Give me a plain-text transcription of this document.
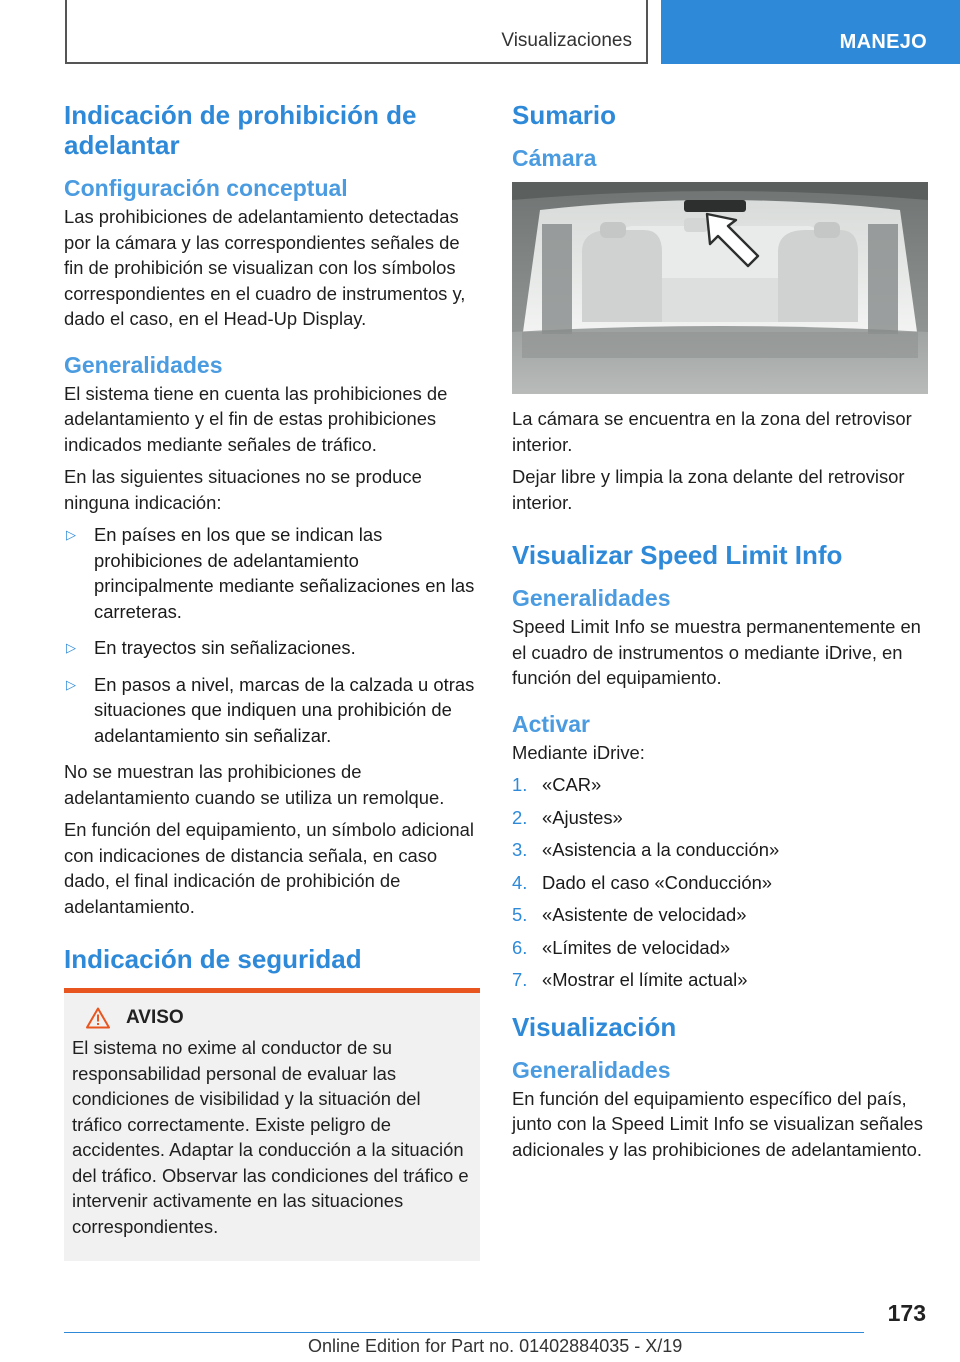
Visualizaciones	MANEJO
Indicación de prohibición de adelantar
Configuración conceptual
Las prohibiciones de adelantamiento detectadas por la cámara y las correspondientes señales de fin de prohibición se visualizan con los símbolos correspondientes en el cuadro de instrumentos y, dado el caso, en el Head-Up Display.
Generalidades
El sistema tiene en cuenta las prohibiciones de adelantamiento y el fin de estas prohibiciones indicados mediante señales de tráfico.
En las siguientes situaciones no se produce ninguna indicación:
▷ En países en los que se indican las prohibiciones de adelantamiento principalmente mediante señalizaciones en las carreteras.
▷ En trayectos sin señalizaciones.
▷ En pasos a nivel, marcas de la calzada u otras situaciones que indiquen una prohibición de adelantamiento sin señalizar.
No se muestran las prohibiciones de adelantamiento cuando se utiliza un remolque.
En función del equipamiento, un símbolo adicional con indicaciones de distancia señala, en caso dado, el final indicación de prohibición de adelantamiento.
Indicación de seguridad
AVISO
El sistema no exime al conductor de su responsabilidad personal de evaluar las condiciones de visibilidad y la situación del tráfico correctamente. Existe peligro de accidentes. Adaptar la conducción a la situación del tráfico. Observar las condiciones del tráfico e intervenir activamente en las situaciones correspondientes.
Sumario
Cámara
La cámara se encuentra en la zona del retrovisor interior.
Dejar libre y limpia la zona delante del retrovisor interior.
Visualizar Speed Limit Info
Generalidades
Speed Limit Info se muestra permanentemente en el cuadro de instrumentos o mediante iDrive, en función del equipamiento.
Activar
Mediante iDrive:
1. «CAR»
2. «Ajustes»
3. «Asistencia a la conducción»
4. Dado el caso «Conducción»
5. «Asistente de velocidad»
6. «Límites de velocidad»
7. «Mostrar el límite actual»
Visualización
Generalidades
En función del equipamiento específico del país, junto con la Speed Limit Info se visualizan señales adicionales y las prohibiciones de adelantamiento.
173
Online Edition for Part no. 01402884035 - X/19
